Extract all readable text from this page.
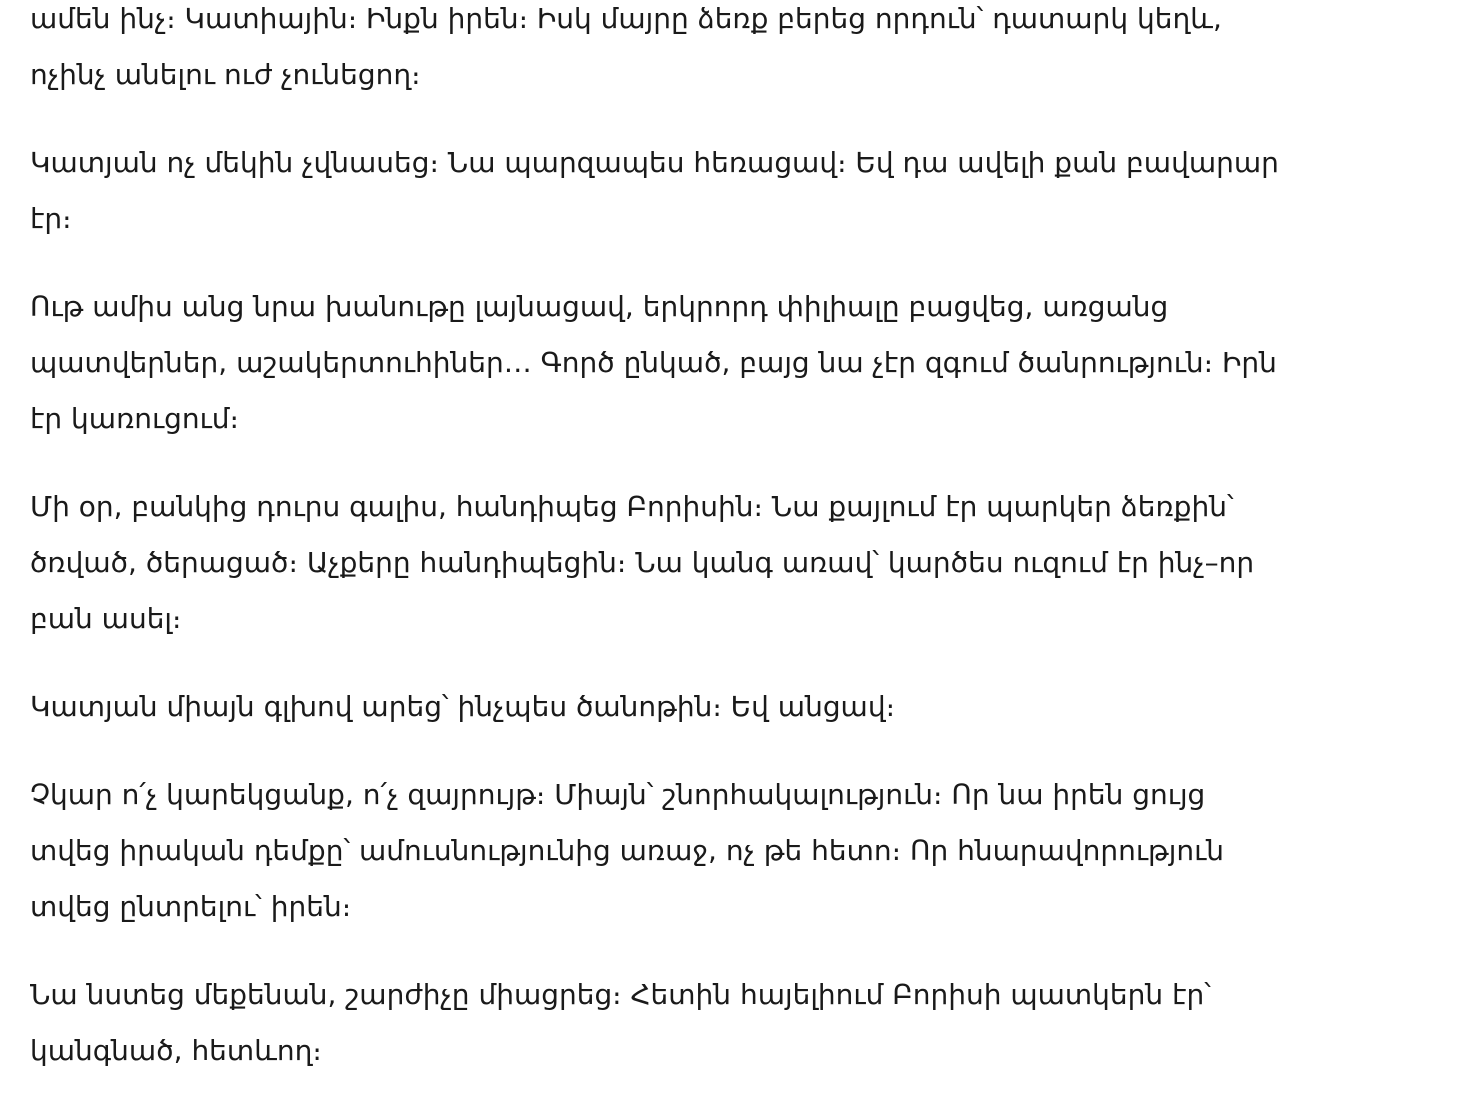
ամեն ինչ։ Կատիային։ Ինքն իրեն։ Իսկ մայրը ձեռք բերեց որդուն՝ դատարկ կեղև,
ոչինչ անելու ուժ չունեցող։

Կատյան ոչ մեկին չվնասեց։ Նա պարզապես հեռացավ։ Եվ դա ավելի քան բավարար
էր։

Ութ ամիս անց նրա խանութը լայնացավ, երկրորդ փիլիալը բացվեց, առցանց
պատվերներ, աշակերտուհիներ… Գործ ընկած, բայց նա չէր զգում ծանրություն։ Իրն
էր կառուցում։

Մի օր, բանկից դուրս գալիս, հանդիպեց Բորիսին։ Նա քայլում էր պարկեր ձեռքին՝
ծռված, ծերացած։ Աչքերը հանդիպեցին։ Նա կանգ առավ՝ կարծես ուզում էր ինչ–որ
բան ասել։

Կատյան միայն գլխով արեց՝ ինչպես ծանոթին։ Եվ անցավ։

Չկար ո՛չ կարեկցանք, ո՛չ զայրույթ։ Միայն՝ շնորհակալություն։ Որ նա իրեն ցույց
տվեց իրական դեմքը՝ ամուսնությունից առաջ, ոչ թե հետո։ Որ հնարավորություն
տվեց ընտրելու՝ իրեն։

Նա նստեց մեքենան, շարժիչը միացրեց։ Հետին հայելիում Բորիսի պատկերն էր՝
կանգնած, հետևող։
